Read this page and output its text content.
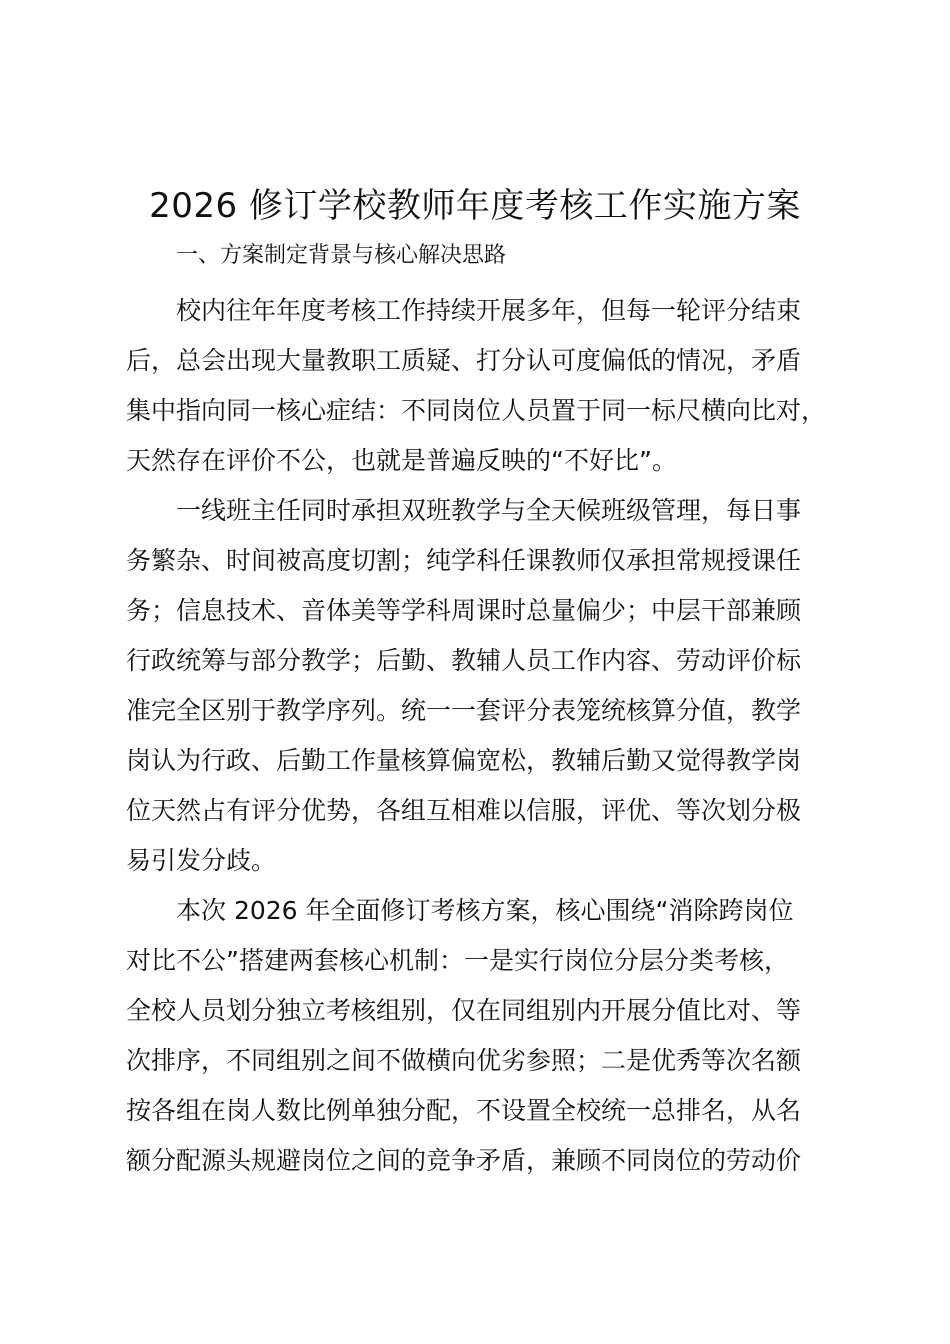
2026 修订学校教师年度考核工作实施方案
一、方案制定背景与核心解决思路

校内往年年度考核工作持续开展多年，但每一轮评分结束
后，总会出现大量教职工质疑、打分认可度偏低的情况，矛盾
集中指向同一核心症结：不同岗位人员置于同一标尺横向比对，
天然存在评价不公，也就是普遍反映的“不好比”。

一线班主任同时承担双班教学与全天候班级管理，每日事
务繁杂、时间被高度切割；纯学科任课教师仅承担常规授课任
务；信息技术、音体美等学科周课时总量偏少；中层干部兼顾
行政统筹与部分教学；后勤、教辅人员工作内容、劳动评价标
准完全区别于教学序列。统一一套评分表笼统核算分值，教学
岗认为行政、后勤工作量核算偏宽松，教辅后勤又觉得教学岗
位天然占有评分优势，各组互相难以信服，评优、等次划分极
易引发分歧。

本次 2026 年全面修订考核方案，核心围绕“消除跨岗位
对比不公”搭建两套核心机制：一是实行岗位分层分类考核，
全校人员划分独立考核组别，仅在同组别内开展分值比对、等
次排序，不同组别之间不做横向优劣参照；二是优秀等次名额
按各组在岗人数比例单独分配，不设置全校统一总排名，从名
额分配源头规避岗位之间的竞争矛盾，兼顾不同岗位的劳动价
